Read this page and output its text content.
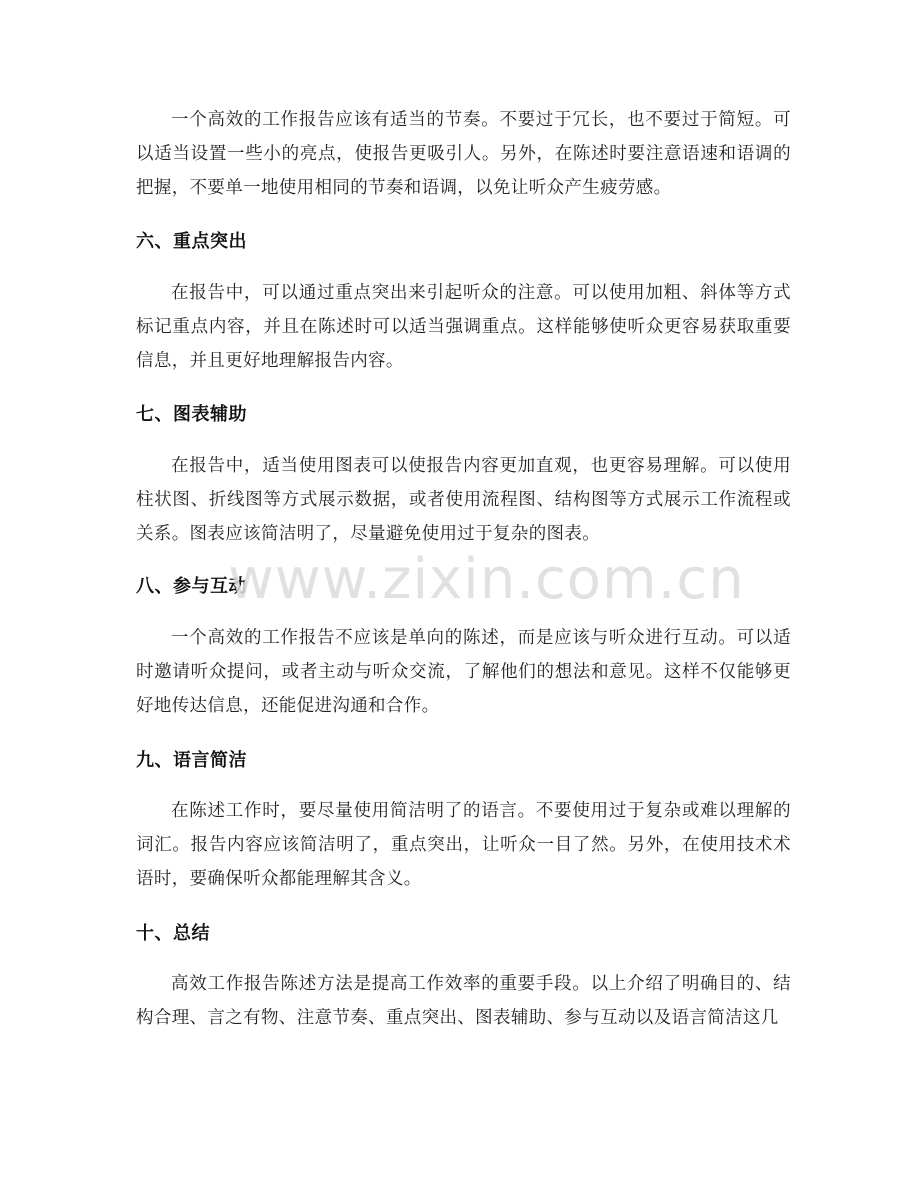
一个高效的工作报告应该有适当的节奏。不要过于冗长，也不要过于简短。可以适当设置一些小的亮点，使报告更吸引人。另外，在陈述时要注意语速和语调的把握，不要单一地使用相同的节奏和语调，以免让听众产生疲劳感。

六、重点突出

在报告中，可以通过重点突出来引起听众的注意。可以使用加粗、斜体等方式标记重点内容，并且在陈述时可以适当强调重点。这样能够使听众更容易获取重要信息，并且更好地理解报告内容。

七、图表辅助

在报告中，适当使用图表可以使报告内容更加直观，也更容易理解。可以使用柱状图、折线图等方式展示数据，或者使用流程图、结构图等方式展示工作流程或关系。图表应该简洁明了，尽量避免使用过于复杂的图表。

八、参与互动

一个高效的工作报告不应该是单向的陈述，而是应该与听众进行互动。可以适时邀请听众提问，或者主动与听众交流，了解他们的想法和意见。这样不仅能够更好地传达信息，还能促进沟通和合作。

九、语言简洁

在陈述工作时，要尽量使用简洁明了的语言。不要使用过于复杂或难以理解的词汇。报告内容应该简洁明了，重点突出，让听众一目了然。另外，在使用技术术语时，要确保听众都能理解其含义。

十、总结

高效工作报告陈述方法是提高工作效率的重要手段。以上介绍了明确目的、结构合理、言之有物、注意节奏、重点突出、图表辅助、参与互动以及语言简洁这几

www.zixin.com.cn
